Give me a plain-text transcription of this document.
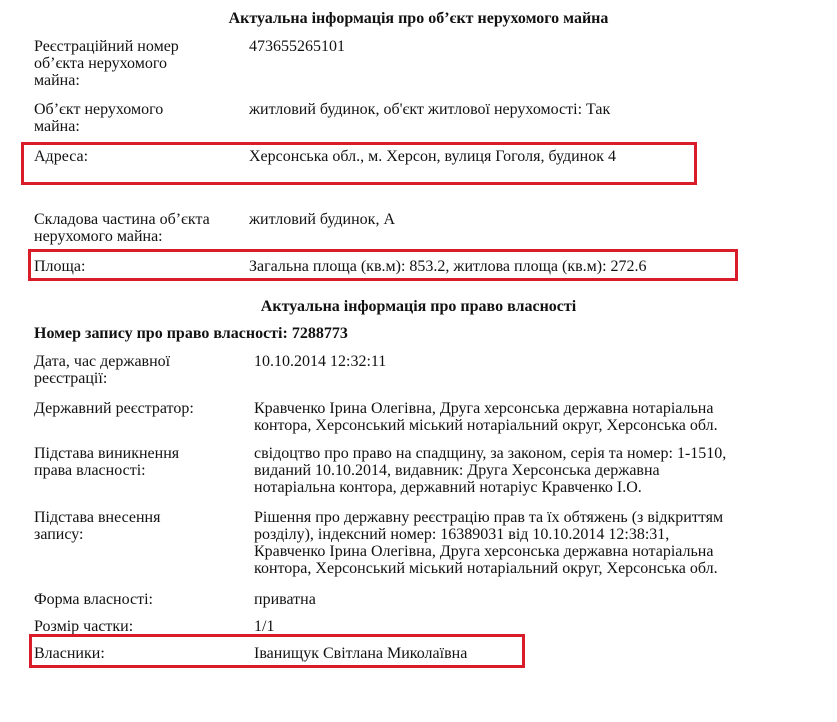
Актуальна інформація про об’єкт нерухомого майна
Реєстраційний номер
об’єкта нерухомого
майна:
473655265101
Об’єкт нерухомого
майна:
житловий будинок, об'єкт житлової нерухомості: Так
Адреса:	Херсонська обл., м. Херсон, вулиця Гоголя, будинок 4
Складова частина об’єкта
нерухомого майна:
житловий будинок, А
Площа:	Загальна площа (кв.м): 853.2, житлова площа (кв.м): 272.6
Актуальна інформація про право власності
Номер запису про право власності: 7288773
Дата, час державної
реєстрації:
10.10.2014 12:32:11
Державний реєстратор:	Кравченко Ірина Олегівна, Друга херсонська державна нотаріальна
контора, Херсонський міський нотаріальний округ, Херсонська обл.
Підстава виникнення
права власності:
свідоцтво про право на спадщину, за законом, серія та номер: 1-1510,
виданий 10.10.2014, видавник: Друга Херсонська державна
нотаріальна контора, державний нотаріус Кравченко І.О.
Підстава внесення
запису:
Рішення про державну реєстрацію прав та їх обтяжень (з відкриттям
розділу), індексний номер: 16389031 від 10.10.2014 12:38:31,
Кравченко Ірина Олегівна, Друга херсонська державна нотаріальна
контора, Херсонський міський нотаріальний округ, Херсонська обл.
Форма власності:	приватна
Розмір частки:	1/1
Власники:	Іванищук Світлана Миколаївна
